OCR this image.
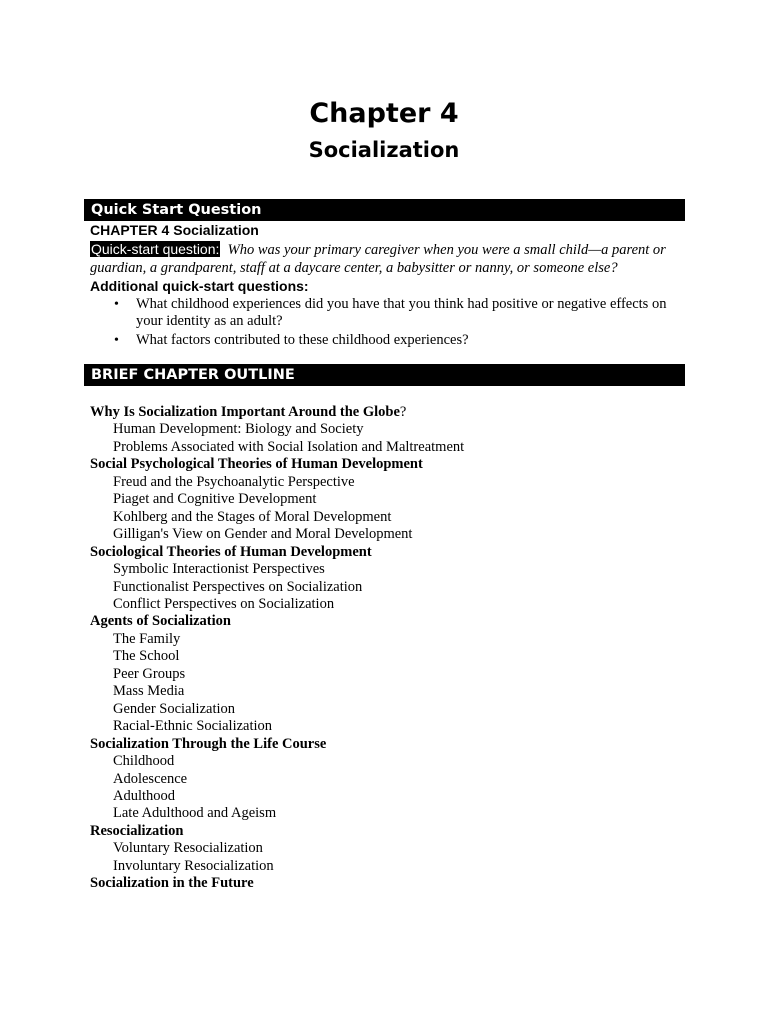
Chapter 4
Socialization
Quick Start Question
CHAPTER 4 Socialization
Quick-start question: Who was your primary caregiver when you were a small child—a parent or guardian, a grandparent, staff at a daycare center, a babysitter or nanny, or someone else?
Additional quick-start questions:
• What childhood experiences did you have that you think had positive or negative effects on your identity as an adult?
• What factors contributed to these childhood experiences?
BRIEF CHAPTER OUTLINE
Why Is Socialization Important Around the Globe?
Human Development: Biology and Society
Problems Associated with Social Isolation and Maltreatment
Social Psychological Theories of Human Development
Freud and the Psychoanalytic Perspective
Piaget and Cognitive Development
Kohlberg and the Stages of Moral Development
Gilligan's View on Gender and Moral Development
Sociological Theories of Human Development
Symbolic Interactionist Perspectives
Functionalist Perspectives on Socialization
Conflict Perspectives on Socialization
Agents of Socialization
The Family
The School
Peer Groups
Mass Media
Gender Socialization
Racial-Ethnic Socialization
Socialization Through the Life Course
Childhood
Adolescence
Adulthood
Late Adulthood and Ageism
Resocialization
Voluntary Resocialization
Involuntary Resocialization
Socialization in the Future
